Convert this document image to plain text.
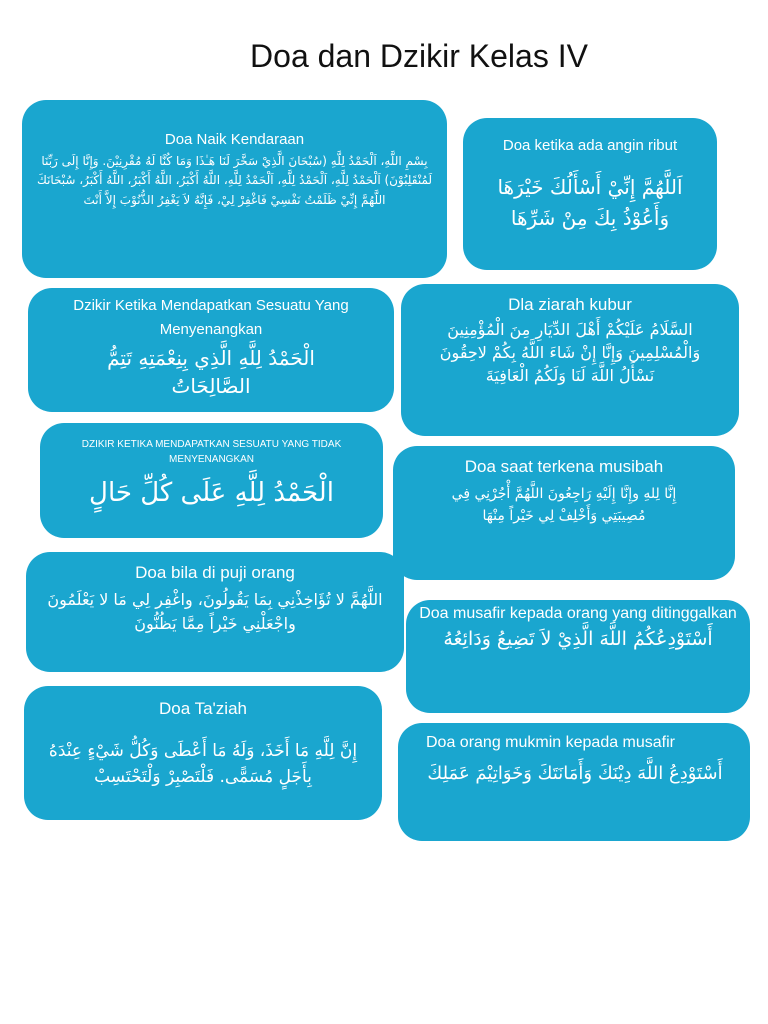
Doa dan Dzikir Kelas IV
Doa Naik Kendaraan
بِسْمِ اللَّهِ، اَلْحَمْدُ لِلَّهِ (سُبْحَانَ الَّذِيْ سَخَّرَ لَنَا هَـٰذَا وَمَا كُنَّا لَهُ مُقْرِنِيْنَ. وَإِنَّا إِلَى رَبِّنَا لَمُنْقَلِبُوْنَ) اَلْحَمْدُ لِلَّهِ، اَلْحَمْدُ لِلَّهِ، اَلْحَمْدُ لِلَّهِ، اللَّهُ أَكْبَرُ، اللَّهُ أَكْبَرُ، اللَّهُ أَكْبَرُ، سُبْحَانَكَ اللَّهُمَّ إِنِّيْ ظَلَمْتُ نَفْسِيْ فَاغْفِرْ لِيْ، فَإِنَّهُ لاَ يَغْفِرُ الذُّنُوْبَ إِلاَّ أَنْتَ
Doa ketika ada angin ribut
اَللَّهُمَّ إِنِّيْ أَسْأَلُكَ خَيْرَهَا وَأَعُوْذُ بِكَ مِنْ شَرِّهَا
Dzikir Ketika Mendapatkan Sesuatu Yang Menyenangkan
الْحَمْدُ لِلَّهِ الَّذِي بِنِعْمَتِهِ تَتِمُّ الصَّالِحَاتُ
Dla ziarah kubur
السَّلَامُ عَلَيْكُمْ أَهْلَ الدِّيَارِ مِنَ الْمُؤْمِنِينَ وَالْمُسْلِمِينَ وَإِنَّا إِنْ شَاءَ اللَّهُ بِكُمْ لاحِقُونَ نَسْأَلُ اللَّهَ لَنَا وَلَكُمُ الْعَافِيَةَ
DZIKIR KETIKA MENDAPATKAN SESUATU YANG TIDAK MENYENANGKAN
الْحَمْدُ لِلَّهِ عَلَى كُلِّ حَالٍ
Doa saat terkena musibah
إِنَّا لِلهِ وإِنَّا إِلَيْهِ رَاجِعُونَ اللَّهُمَّ أْجُرْنِي فِي مُصِيبَتِي وَأَخْلِفْ لِي خَيْراً مِنْهَا
Doa bila di puji orang
اللَّهُمَّ لا تُؤَاخِذْنِي بِمَا يَقُولُونَ، واغْفِر لِي مَا لا يَعْلَمُونَ واجْعَلْنِي خَيْراً مِمَّا يَظُنُّونَ
Doa musafir kepada orang yang ditinggalkan
أَسْتَوْدِعُكُمُ اللَّهَ الَّذِيْ لاَ تَضِيعُ وَدَائِعُهُ
Doa Ta'ziah
إِنَّ لِلَّهِ مَا أَخَذَ، وَلَهُ مَا أَعْطَى وَكُلُّ شَيْءٍ عِنْدَهُ بِأَجَلٍ مُسَمًّى. فَلْتَصْبِرْ وَلْتَحْتَسِبْ
Doa orang mukmin kepada musafir
أَسْتَوْدِعُ اللَّهَ دِيْنَكَ وَأَمَانَتَكَ وَخَوَاتِيْمَ عَمَلِكَ
